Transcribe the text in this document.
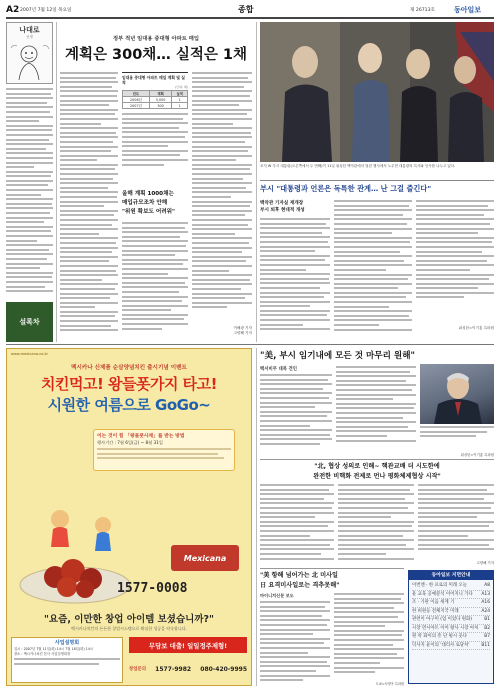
A2 2007년 7월 12일 목요일	종합	제 26713호	동아일보
나대로
선생
설록차
정부 적년 임대용 중대형 아파트 매입
계획은 300채… 실적은 1채
임대용 중대형 아파트 매입 계획 및 실적
(단위: 채)
년도	계획	실적
2006년	5,000	1
2007년	300	1
올해 계획 1000채는
매입규모조차 안해
"위원 확보도 어려워"
이해광 기자
고양해 기자
조지 W 부시 대통령(오른쪽에서 두 번째)이 11일 워싱턴 백악관에서 열린 행사에서 노무현 대통령의 특사와 인사를 나누고 있다.
부시 "대통령과 언론은 독특한 관계… 난 그걸 즐긴다"
백악관 기자실 재개장
부시 퇴후 현대적 개성
워싱턴=이기홍 특파원
www.mexicana.co.kr
멕시카나 신제품 순살양념치킨 출시기념 이벤트
치킨먹고! 왕들폿가지 타고!
시원한 여름으로 GoGo~
이는 것이 힘 「왕몰폿사채」를 받는 방법
행사기간 : 7월 6일(금) ~ 8월 31일
1577-0008
Mexicana
"요즘, 이만한 창업 아이템 보셨습니까?"
멕시카나치킨의 든든한 창업시스템으로 확실한 성공을 약속합니다.
사업설명회
일시 : 2007년 7월 11일(화) 14시 7월 18일(화) 14시
장소 : 멕시카나치킨 본사 사업설명회장
무담보 대출! 일일정주제형!
창업문의 1577-9982 080-420-9995
"美, 부시 임기내에 모든 것 마무리 원해"
백서비무 대북 견인
워싱턴=이기홍 특파원
"北, 협상 성의로 인해~ 핵관교배 더 시도한에
완전한 비핵화 전제로 먼나 평화체제협상 시작"
고양해 기자
"美 항해 넘어가는 北 미사일
日 요격미사일로는 격추못해"
마이니치신문 보도
도쿄=서영아 특파원
동아일보 지면안내
이번엔 · 한 프로의 미래 오늘	A8
윤 교육 공예분석 이어지니 가다 A13
조 · 기관 이음 세계 기	A16
한 희원등 전체지국 미래	A24
관련이 아구미 (업 이었다 원화)	B1
시장 면시아트 이어 왕사 시장 아처 B2
원 팍 화이의 흥 단 평시 웃다	B7
덕사지 윤이의 '대리사 로당처'	B11
